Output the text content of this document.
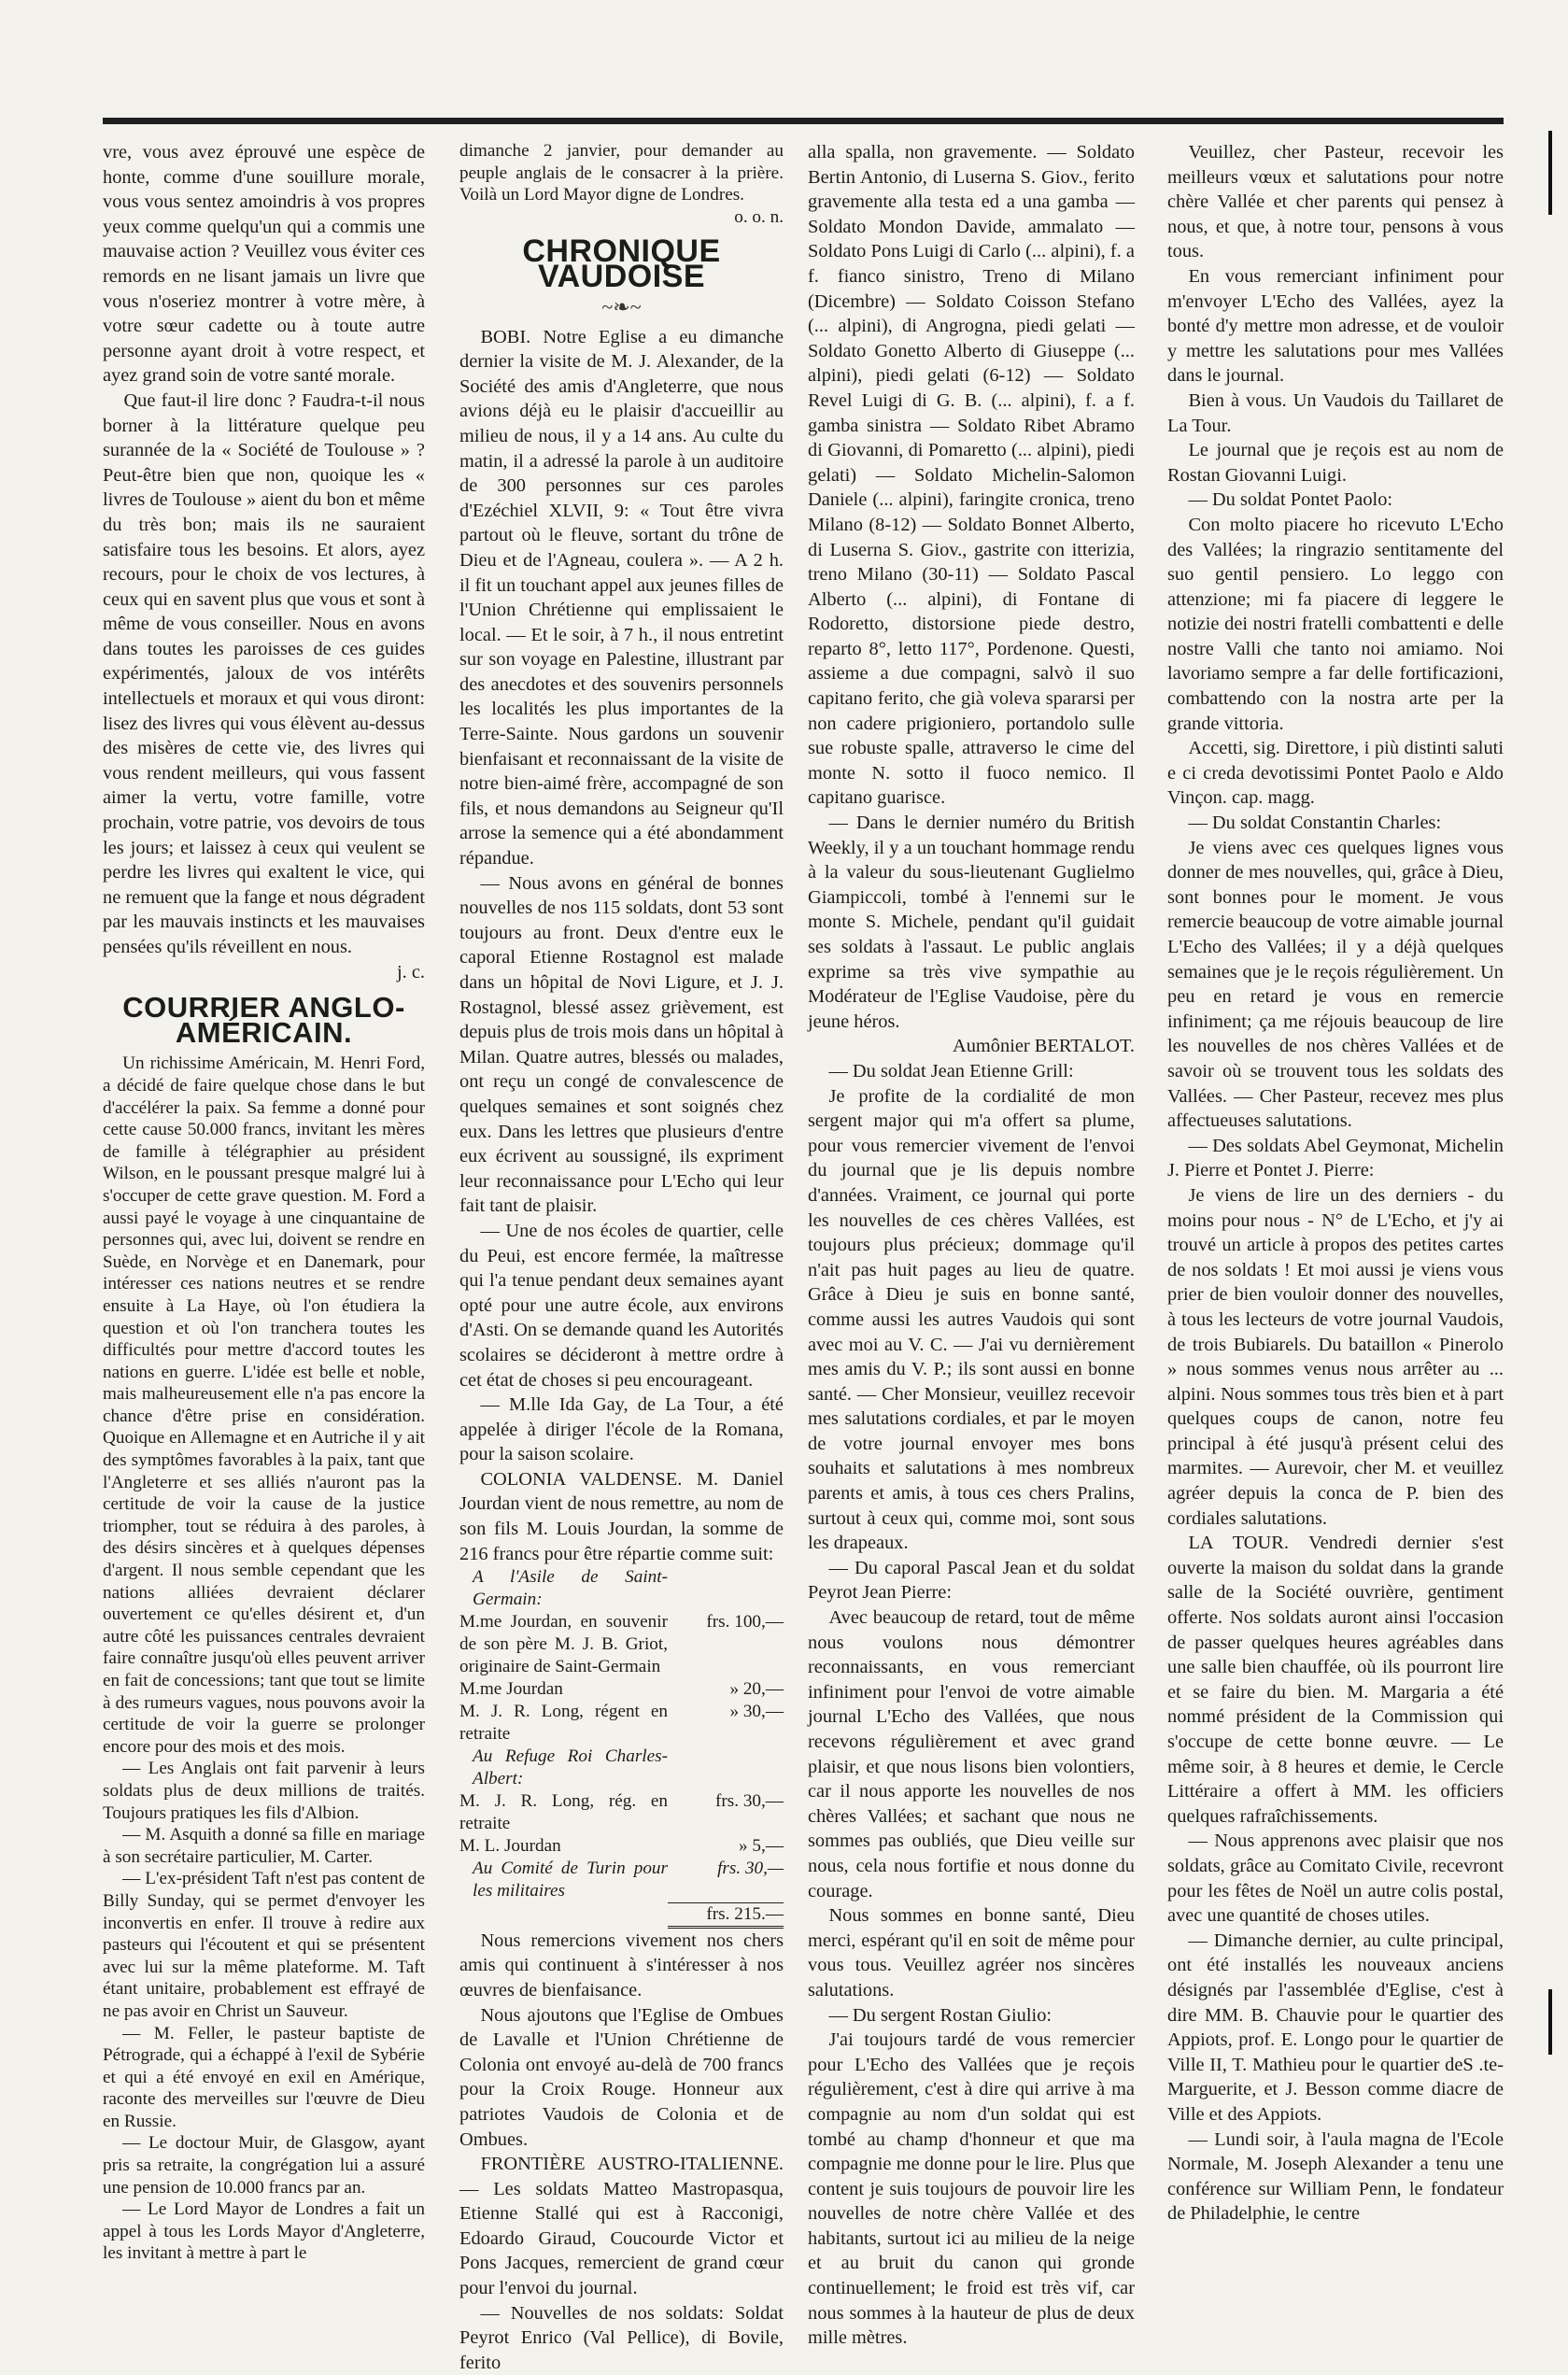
vre, vous avez éprouvé une espèce de honte, comme d'une souillure morale, vous vous sentez amoindris à vos propres yeux comme quelqu'un qui a commis une mauvaise action ? Veuillez vous éviter ces remords en ne lisant jamais un livre que vous n'oseriez montrer à votre mère, à votre sœur cadette ou à toute autre personne ayant droit à votre respect, et ayez grand soin de votre santé morale.

Que faut-il lire donc ? Faudra-t-il nous borner à la littérature quelque peu surannée de la « Société de Toulouse » ? Peut-être bien que non, quoique les « livres de Toulouse » aient du bon et même du très bon; mais ils ne sauraient satisfaire tous les besoins. Et alors, ayez recours, pour le choix de vos lectures, à ceux qui en savent plus que vous et sont à même de vous conseiller. Nous en avons dans toutes les paroisses de ces guides expérimentés, jaloux de vos intérêts intellectuels et moraux et qui vous diront: lisez des livres qui vous élèvent au-dessus des misères de cette vie, des livres qui vous rendent meilleurs, qui vous fassent aimer la vertu, votre famille, votre prochain, votre patrie, vos devoirs de tous les jours; et laissez à ceux qui veulent se perdre les livres qui exaltent le vice, qui ne remuent que la fange et nous dégradent par les mauvais instincts et les mauvaises pensées qu'ils réveillent en nous.

j. c.

COURRIER ANGLO-AMÉRICAIN.

Un richissime Américain, M. Henri Ford, a décidé de faire quelque chose dans le but d'accélérer la paix. Sa femme a donné pour cette cause 50.000 francs, invitant les mères de famille à télégraphier au président Wilson, en le poussant presque malgré lui à s'occuper de cette grave question. M. Ford a aussi payé le voyage à une cinquantaine de personnes qui, avec lui, doivent se rendre en Suède, en Norvège et en Danemark, pour intéresser ces nations neutres et se rendre ensuite à La Haye, où l'on étudiera la question et où l'on tranchera toutes les difficultés pour mettre d'accord toutes les nations en guerre. L'idée est belle et noble, mais malheureusement elle n'a pas encore la chance d'être prise en considération. Quoique en Allemagne et en Autriche il y ait des symptômes favorables à la paix, tant que l'Angleterre et ses alliés n'auront pas la certitude de voir la cause de la justice triompher, tout se réduira à des paroles, à des désirs sincères et à quelques dépenses d'argent. Il nous semble cependant que les nations alliées devraient déclarer ouvertement ce qu'elles désirent et, d'un autre côté les puissances centrales devraient faire connaître jusqu'où elles peuvent arriver en fait de concessions; tant que tout se limite à des rumeurs vagues, nous pouvons avoir la certitude de voir la guerre se prolonger encore pour des mois et des mois.

— Les Anglais ont fait parvenir à leurs soldats plus de deux millions de traités. Toujours pratiques les fils d'Albion.

— M. Asquith a donné sa fille en mariage à son secrétaire particulier, M. Carter.

— L'ex-président Taft n'est pas content de Billy Sunday, qui se permet d'envoyer les inconvertis en enfer. Il trouve à redire aux pasteurs qui l'écoutent et qui se présentent avec lui sur la même plateforme. M. Taft étant unitaire, probablement est effrayé de ne pas avoir en Christ un Sauveur.

— M. Feller, le pasteur baptiste de Pétrograde, qui a échappé à l'exil de Sybérie et qui a été envoyé en exil en Amérique, raconte des merveilles sur l'œuvre de Dieu en Russie.

— Le doctour Muir, de Glasgow, ayant pris sa retraite, la congrégation lui a assuré une pension de 10.000 francs par an.

— Le Lord Mayor de Londres a fait un appel à tous les Lords Mayor d'Angleterre, les invitant à mettre à part le

dimanche 2 janvier, pour demander au peuple anglais de le consacrer à la prière. Voilà un Lord Mayor digne de Londres.

o. o. n.

CHRONIQUE VAUDOISE
~❧~

BOBI. Notre Eglise a eu dimanche dernier la visite de M. J. Alexander, de la Société des amis d'Angleterre, que nous avions déjà eu le plaisir d'accueillir au milieu de nous, il y a 14 ans. Au culte du matin, il a adressé la parole à un auditoire de 300 personnes sur ces paroles d'Ezéchiel XLVII, 9: « Tout être vivra partout où le fleuve, sortant du trône de Dieu et de l'Agneau, coulera ». — A 2 h. il fit un touchant appel aux jeunes filles de l'Union Chrétienne qui emplissaient le local. — Et le soir, à 7 h., il nous entretint sur son voyage en Palestine, illustrant par des anecdotes et des souvenirs personnels les localités les plus importantes de la Terre-Sainte. Nous gardons un souvenir bienfaisant et reconnaissant de la visite de notre bien-aimé frère, accompagné de son fils, et nous demandons au Seigneur qu'Il arrose la semence qui a été abondamment répandue.

— Nous avons en général de bonnes nouvelles de nos 115 soldats, dont 53 sont toujours au front. Deux d'entre eux le caporal Etienne Rostagnol est malade dans un hôpital de Novi Ligure, et J. J. Rostagnol, blessé assez grièvement, est depuis plus de trois mois dans un hôpital à Milan. Quatre autres, blessés ou malades, ont reçu un congé de convalescence de quelques semaines et sont soignés chez eux. Dans les lettres que plusieurs d'entre eux écrivent au soussigné, ils expriment leur reconnaissance pour L'Echo qui leur fait tant de plaisir.

— Une de nos écoles de quartier, celle du Peui, est encore fermée, la maîtresse qui l'a tenue pendant deux semaines ayant opté pour une autre école, aux environs d'Asti. On se demande quand les Autorités scolaires se décideront à mettre ordre à cet état de choses si peu encourageant.

— M.lle Ida Gay, de La Tour, a été appelée à diriger l'école de la Romana, pour la saison scolaire.

COLONIA VALDENSE. M. Daniel Jourdan vient de nous remettre, au nom de son fils M. Louis Jourdan, la somme de 216 francs pour être répartie comme suit:

A l'Asile de Saint-Germain:	
M.me Jourdan, en souvenir de son père M. J. B. Griot, originaire de Saint-Germain	frs. 100,—
M.me Jourdan	» 20,—
M. J. R. Long, régent en retraite	» 30,—
Au Refuge Roi Charles-Albert:	
M. J. R. Long, rég. en retraite	frs. 30,—
M. L. Jourdan	» 5,—
Au Comité de Turin pour les militaires	frs. 30,—
	frs. 215.—

Nous remercions vivement nos chers amis qui continuent à s'intéresser à nos œuvres de bienfaisance.

Nous ajoutons que l'Eglise de Ombues de Lavalle et l'Union Chrétienne de Colonia ont envoyé au-delà de 700 francs pour la Croix Rouge. Honneur aux patriotes Vaudois de Colonia et de Ombues.

FRONTIÈRE AUSTRO-ITALIENNE. — Les soldats Matteo Mastropasqua, Etienne Stallé qui est à Racconigi, Edoardo Giraud, Coucourde Victor et Pons Jacques, remercient de grand cœur pour l'envoi du journal.

— Nouvelles de nos soldats: Soldat Peyrot Enrico (Val Pellice), di Bovile, ferito

alla spalla, non gravemente. — Soldato Bertin Antonio, di Luserna S. Giov., ferito gravemente alla testa ed a una gamba — Soldato Mondon Davide, ammalato — Soldato Pons Luigi di Carlo (... alpini), f. a f. fianco sinistro, Treno di Milano (Dicembre) — Soldato Coisson Stefano (... alpini), di Angrogna, piedi gelati — Soldato Gonetto Alberto di Giuseppe (... alpini), piedi gelati (6-12) — Soldato Revel Luigi di G. B. (... alpini), f. a f. gamba sinistra — Soldato Ribet Abramo di Giovanni, di Pomaretto (... alpini), piedi gelati) — Soldato Michelin-Salomon Daniele (... alpini), faringite cronica, treno Milano (8-12) — Soldato Bonnet Alberto, di Luserna S. Giov., gastrite con itterizia, treno Milano (30-11) — Soldato Pascal Alberto (... alpini), di Fontane di Rodoretto, distorsione piede destro, reparto 8°, letto 117°, Pordenone. Questi, assieme a due compagni, salvò il suo capitano ferito, che già voleva spararsi per non cadere prigioniero, portandolo sulle sue robuste spalle, attraverso le cime del monte N. sotto il fuoco nemico. Il capitano guarisce.

— Dans le dernier numéro du British Weekly, il y a un touchant hommage rendu à la valeur du sous-lieutenant Guglielmo Giampiccoli, tombé à l'ennemi sur le monte S. Michele, pendant qu'il guidait ses soldats à l'assaut. Le public anglais exprime sa très vive sympathie au Modérateur de l'Eglise Vaudoise, père du jeune héros.

Aumônier BERTALOT.

— Du soldat Jean Etienne Grill:

Je profite de la cordialité de mon sergent major qui m'a offert sa plume, pour vous remercier vivement de l'envoi du journal que je lis depuis nombre d'années. Vraiment, ce journal qui porte les nouvelles de ces chères Vallées, est toujours plus précieux; dommage qu'il n'ait pas huit pages au lieu de quatre. Grâce à Dieu je suis en bonne santé, comme aussi les autres Vaudois qui sont avec moi au V. C. — J'ai vu dernièrement mes amis du V. P.; ils sont aussi en bonne santé. — Cher Monsieur, veuillez recevoir mes salutations cordiales, et par le moyen de votre journal envoyer mes bons souhaits et salutations à mes nombreux parents et amis, à tous ces chers Pralins, surtout à ceux qui, comme moi, sont sous les drapeaux.

— Du caporal Pascal Jean et du soldat Peyrot Jean Pierre:

Avec beaucoup de retard, tout de même nous voulons nous démontrer reconnaissants, en vous remerciant infiniment pour l'envoi de votre aimable journal L'Echo des Vallées, que nous recevons régulièrement et avec grand plaisir, et que nous lisons bien volontiers, car il nous apporte les nouvelles de nos chères Vallées; et sachant que nous ne sommes pas oubliés, que Dieu veille sur nous, cela nous fortifie et nous donne du courage.

Nous sommes en bonne santé, Dieu merci, espérant qu'il en soit de même pour vous tous. Veuillez agréer nos sincères salutations.

— Du sergent Rostan Giulio:

J'ai toujours tardé de vous remercier pour L'Echo des Vallées que je reçois régulièrement, c'est à dire qui arrive à ma compagnie au nom d'un soldat qui est tombé au champ d'honneur et que ma compagnie me donne pour le lire. Plus que content je suis toujours de pouvoir lire les nouvelles de notre chère Vallée et des habitants, surtout ici au milieu de la neige et au bruit du canon qui gronde continuellement; le froid est très vif, car nous sommes à la hauteur de plus de deux mille mètres.

Veuillez, cher Pasteur, recevoir les meilleurs vœux et salutations pour notre chère Vallée et cher parents qui pensez à nous, et que, à notre tour, pensons à vous tous.

En vous remerciant infiniment pour m'envoyer L'Echo des Vallées, ayez la bonté d'y mettre mon adresse, et de vouloir y mettre les salutations pour mes Vallées dans le journal.

Bien à vous. Un Vaudois du Taillaret de La Tour.

Le journal que je reçois est au nom de Rostan Giovanni Luigi.

— Du soldat Pontet Paolo:

Con molto piacere ho ricevuto L'Echo des Vallées; la ringrazio sentitamente del suo gentil pensiero. Lo leggo con attenzione; mi fa piacere di leggere le notizie dei nostri fratelli combattenti e delle nostre Valli che tanto noi amiamo. Noi lavoriamo sempre a far delle fortificazioni, combattendo con la nostra arte per la grande vittoria.

Accetti, sig. Direttore, i più distinti saluti e ci creda devotissimi Pontet Paolo e Aldo Vinçon. cap. magg.

— Du soldat Constantin Charles:

Je viens avec ces quelques lignes vous donner de mes nouvelles, qui, grâce à Dieu, sont bonnes pour le moment. Je vous remercie beaucoup de votre aimable journal L'Echo des Vallées; il y a déjà quelques semaines que je le reçois régulièrement. Un peu en retard je vous en remercie infiniment; ça me réjouis beaucoup de lire les nouvelles de nos chères Vallées et de savoir où se trouvent tous les soldats des Vallées. — Cher Pasteur, recevez mes plus affectueuses salutations.

— Des soldats Abel Geymonat, Michelin J. Pierre et Pontet J. Pierre:

Je viens de lire un des derniers - du moins pour nous - N° de L'Echo, et j'y ai trouvé un article à propos des petites cartes de nos soldats ! Et moi aussi je viens vous prier de bien vouloir donner des nouvelles, à tous les lecteurs de votre journal Vaudois, de trois Bubiarels. Du bataillon « Pinerolo » nous sommes venus nous arrêter au ... alpini. Nous sommes tous très bien et à part quelques coups de canon, notre feu principal à été jusqu'à présent celui des marmites. — Aurevoir, cher M. et veuillez agréer depuis la conca de P. bien des cordiales salutations.

LA TOUR. Vendredi dernier s'est ouverte la maison du soldat dans la grande salle de la Société ouvrière, gentiment offerte. Nos soldats auront ainsi l'occasion de passer quelques heures agréables dans une salle bien chauffée, où ils pourront lire et se faire du bien. M. Margaria a été nommé président de la Commission qui s'occupe de cette bonne œuvre. — Le même soir, à 8 heures et demie, le Cercle Littéraire a offert à MM. les officiers quelques rafraîchissements.

— Nous apprenons avec plaisir que nos soldats, grâce au Comitato Civile, recevront pour les fêtes de Noël un autre colis postal, avec une quantité de choses utiles.

— Dimanche dernier, au culte principal, ont été installés les nouveaux anciens désignés par l'assemblée d'Eglise, c'est à dire MM. B. Chauvie pour le quartier des Appiots, prof. E. Longo pour le quartier de Ville II, T. Mathieu pour le quartier deS .te-Marguerite, et J. Besson comme diacre de Ville et des Appiots.

— Lundi soir, à l'aula magna de l'Ecole Normale, M. Joseph Alexander a tenu une conférence sur William Penn, le fondateur de Philadelphie, le centre
